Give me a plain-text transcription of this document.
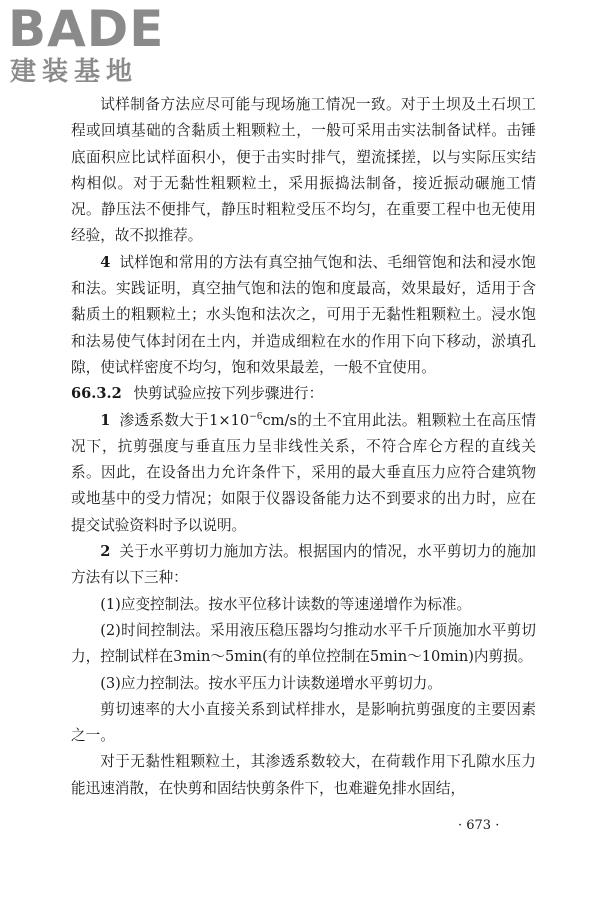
BADE
建装基地

试样制备方法应尽可能与现场施工情况一致。对于土坝及土石坝工程或回填基础的含黏质土粗颗粒土，一般可采用击实法制备试样。击锤底面积应比试样面积小，便于击实时排气，塑流揉搓，以与实际压实结构相似。对于无黏性粗颗粒土，采用振捣法制备，接近振动碾施工情况。静压法不便排气，静压时粗粒受压不均匀，在重要工程中也无使用经验，故不拟推荐。

4 试样饱和常用的方法有真空抽气饱和法、毛细管饱和法和浸水饱和法。实践证明，真空抽气饱和法的饱和度最高，效果最好，适用于含黏质土的粗颗粒土；水头饱和法次之，可用于无黏性粗颗粒土。浸水饱和法易使气体封闭在土内，并造成细粒在水的作用下向下移动，淤填孔隙，使试样密度不均匀，饱和效果最差，一般不宜使用。

66.3.2 快剪试验应按下列步骤进行：

1 渗透系数大于$1\times 10^{-6}cm/s$的土不宜用此法。粗颗粒土在高压情况下，抗剪强度与垂直压力呈非线性关系，不符合库仑方程的直线关系。因此，在设备出力允许条件下，采用的最大垂直压力应符合建筑物或地基中的受力情况；如限于仪器设备能力达不到要求的出力时，应在提交试验资料时予以说明。

2 关于水平剪切力施加方法。根据国内的情况，水平剪切力的施加方法有以下三种：

(1)应变控制法。按水平位移计读数的等速递增作为标准。

(2)时间控制法。采用液压稳压器均匀推动水平千斤顶施加水平剪切力，控制试样在3min～5min(有的单位控制在5min～10min)内剪损。

(3)应力控制法。按水平压力计读数递增水平剪切力。

剪切速率的大小直接关系到试样排水，是影响抗剪强度的主要因素之一。

对于无黏性粗颗粒土，其渗透系数较大，在荷载作用下孔隙水压力能迅速消散，在快剪和固结快剪条件下，也难避免排水固结，

· 673 ·
